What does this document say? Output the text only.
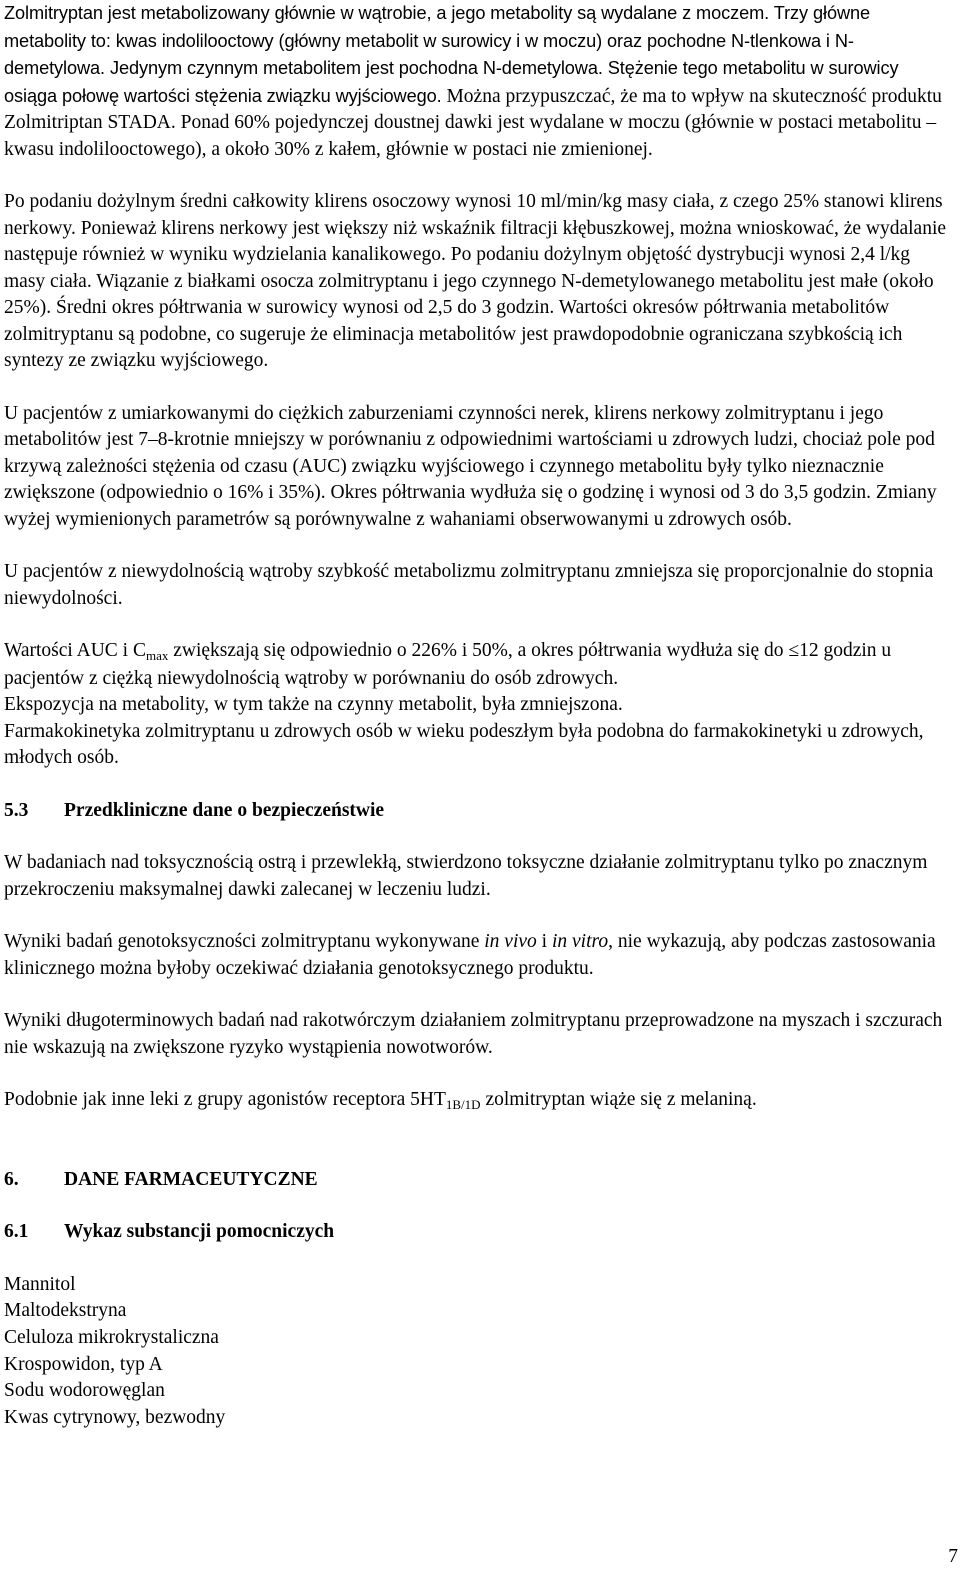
Zolmitryptan jest metabolizowany głównie w wątrobie, a jego metabolity są wydalane z moczem. Trzy główne metabolity to: kwas indolilooctowy (główny metabolit w surowicy i w moczu) oraz pochodne N-tlenkowa i N-demetylowa. Jedynym czynnym metabolitem jest pochodna N-demetylowa. Stężenie tego metabolitu w surowicy osiąga połowę wartości stężenia związku wyjściowego. Można przypuszczać, że ma to wpływ na skuteczność produktu Zolmitriptan STADA. Ponad 60% pojedynczej doustnej dawki jest wydalane w moczu (głównie w postaci metabolitu – kwasu indolilooctowego), a około 30% z kałem, głównie w postaci nie zmienionej.

Po podaniu dożylnym średni całkowity klirens osoczowy wynosi 10 ml/min/kg masy ciała, z czego 25% stanowi klirens nerkowy. Ponieważ klirens nerkowy jest większy niż wskaźnik filtracji kłębuszkowej, można wnioskować, że wydalanie następuje również w wyniku wydzielania kanalikowego. Po podaniu dożylnym objętość dystrybucji wynosi 2,4 l/kg masy ciała. Wiązanie z białkami osocza zolmitryptanu i jego czynnego N-demetylowanego metabolitu jest małe (około 25%). Średni okres półtrwania w surowicy wynosi od 2,5 do 3 godzin. Wartości okresów półtrwania metabolitów zolmitryptanu są podobne, co sugeruje że eliminacja metabolitów jest prawdopodobnie ograniczana szybkością ich syntezy ze związku wyjściowego.

U pacjentów z umiarkowanymi do ciężkich zaburzeniami czynności nerek, klirens nerkowy zolmitryptanu i jego metabolitów jest 7–8-krotnie mniejszy w porównaniu z odpowiednimi wartościami u zdrowych ludzi, chociaż pole pod krzywą zależności stężenia od czasu (AUC) związku wyjściowego i czynnego metabolitu były tylko nieznacznie zwiększone (odpowiednio o 16% i 35%). Okres półtrwania wydłuża się o godzinę i wynosi od 3 do 3,5 godzin. Zmiany wyżej wymienionych parametrów są porównywalne z wahaniami obserwowanymi u zdrowych osób.

U pacjentów z niewydolnością wątroby szybkość metabolizmu zolmitryptanu zmniejsza się proporcjonalnie do stopnia niewydolności.

Wartości AUC i $C_{max}$ zwiększają się odpowiednio o 226% i 50%, a okres półtrwania wydłuża się do ≤12 godzin u pacjentów z ciężką niewydolnością wątroby w porównaniu do osób zdrowych.

Ekspozycja na metabolity, w tym także na czynny metabolit, była zmniejszona.

Farmakokinetyka zolmitryptanu u zdrowych osób w wieku podeszłym była podobna do farmakokinetyki u zdrowych, młodych osób.

5.3 Przedkliniczne dane o bezpieczeństwie

W badaniach nad toksycznością ostrą i przewlekłą, stwierdzono toksyczne działanie zolmitryptanu tylko po znacznym przekroczeniu maksymalnej dawki zalecanej w leczeniu ludzi.

Wyniki badań genotoksyczności zolmitryptanu wykonywane in vivo i in vitro, nie wykazują, aby podczas zastosowania klinicznego można byłoby oczekiwać działania genotoksycznego produktu.

Wyniki długoterminowych badań nad rakotwórczym działaniem zolmitryptanu przeprowadzone na myszach i szczurach nie wskazują na zwiększone ryzyko wystąpienia nowotworów.

Podobnie jak inne leki z grupy agonistów receptora $5HT_{1B/1D}$ zolmitryptan wiąże się z melaniną.

6. DANE FARMACEUTYCZNE
6.1 Wykaz substancji pomocniczych
Mannitol
Maltodekstryna
Celuloza mikrokrystaliczna
Krospowidon, typ A
Sodu wodorowęglan
Kwas cytrynowy, bezwodny
7
